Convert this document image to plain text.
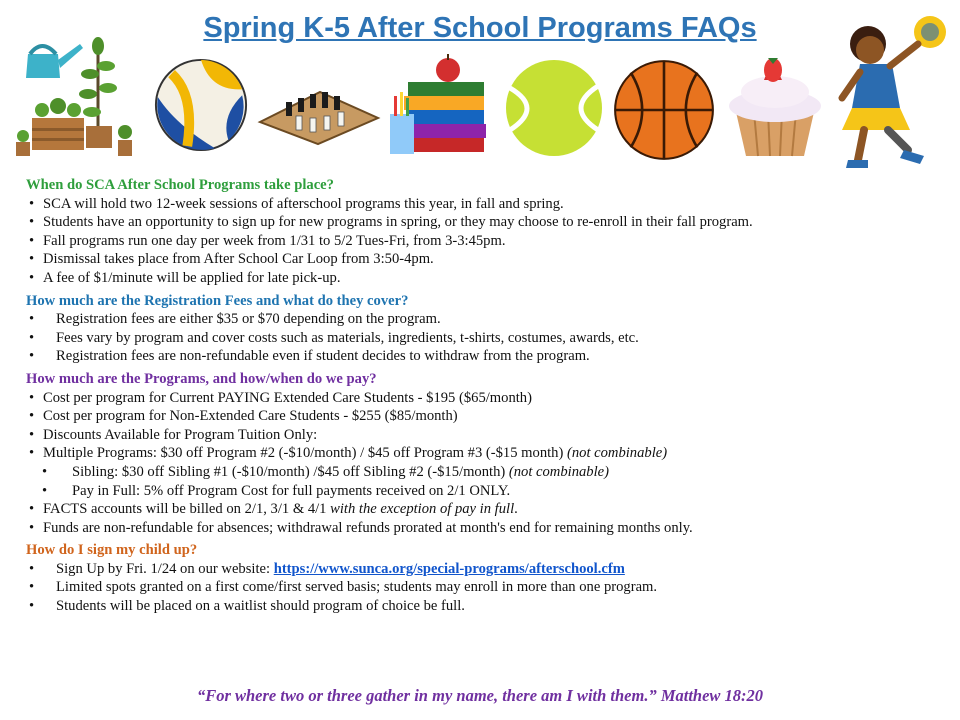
Spring K-5 After School Programs FAQs

When do SCA After School Programs take place?

• SCA will hold two 12-week sessions of afterschool programs this year, in fall and spring.
• Students have an opportunity to sign up for new programs in spring, or they may choose to re-enroll in their fall program.
• Fall programs run one day per week from 1/31 to 5/2 Tues-Fri, from 3-3:45pm.
• Dismissal takes place from After School Car Loop from 3:50-4pm.
• A fee of $1/minute will be applied for late pick-up.

How much are the Registration Fees and what do they cover?

• Registration fees are either $35 or $70 depending on the program.
• Fees vary by program and cover costs such as materials, ingredients, t-shirts, costumes, awards, etc.
• Registration fees are non-refundable even if student decides to withdraw from the program.

How much are the Programs, and how/when do we pay?

• Cost per program for Current PAYING Extended Care Students - $195 ($65/month)
• Cost per program for Non-Extended Care Students - $255 ($85/month)
• Discounts Available for Program Tuition Only:
• Multiple Programs: $30 off Program #2 (-$10/month) / $45 off Program #3 (-$15 month) (not combinable)
• Sibling: $30 off Sibling #1 (-$10/month) /$45 off Sibling #2 (-$15/month) (not combinable)
• Pay in Full: 5% off Program Cost for full payments received on 2/1 ONLY.
• FACTS accounts will be billed on 2/1, 3/1 & 4/1 with the exception of pay in full.
• Funds are non-refundable for absences; withdrawal refunds prorated at month's end for remaining months only.

How do I sign my child up?

• Sign Up by Fri. 1/24 on our website: https://www.sunca.org/special-programs/afterschool.cfm
• Limited spots granted on a first come/first served basis; students may enroll in more than one program.
• Students will be placed on a waitlist should program of choice be full.
“For where two or three gather in my name, there am I with them.” Matthew 18:20
